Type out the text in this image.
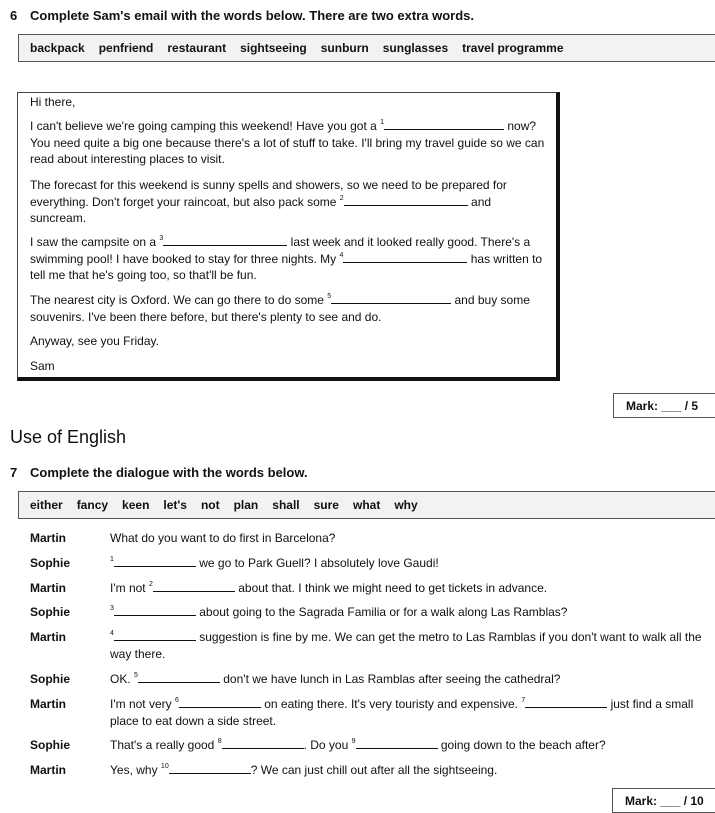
6 Complete Sam's email with the words below. There are two extra words.
backpack penfriend restaurant sightseeing sunburn sunglasses travel programme
Hi there,
I can't believe we're going camping this weekend! Have you got a $^1$	now? You need quite a big one because there's a lot of stuff to take. I'll bring my travel guide so we can read about interesting places to visit.
The forecast for this weekend is sunny spells and showers, so we need to be prepared for everything. Don't forget your raincoat, but also pack some $^2$	and suncream.
I saw the campsite on a $^3$	last week and it looked really good. There's a swimming pool! I have booked to stay for three nights. My $^4$	has written to tell me that he's going too, so that'll be fun.
The nearest city is Oxford. We can go there to do some $^5$	and buy some souvenirs. I've been there before, but there's plenty to see and do.
Anyway, see you Friday.
Sam
Mark: ___ / 5
Use of English
7 Complete the dialogue with the words below.
either fancy keen let's not plan shall sure what why
Martin	What do you want to do first in Barcelona?
Sophie	$^1$	we go to Park Guell? I absolutely love Gaudi!
Martin	I'm not $^2$	about that. I think we might need to get tickets in advance.
Sophie	$^3$	about going to the Sagrada Familia or for a walk along Las Ramblas?
Martin	$^4$	suggestion is fine by me. We can get the metro to Las Ramblas if you don't want to walk all the way there.
Sophie	OK. $^5$	don't we have lunch in Las Ramblas after seeing the cathedral?
Martin	I'm not very $^6$	on eating there. It's very touristy and expensive. $^7$	just find a small place to eat down a side street.
Sophie	That's a really good $^8$	. Do you $^9$	going down to the beach after?
Martin	Yes, why $^{10}$	? We can just chill out after all the sightseeing.
Mark: ___ / 10
